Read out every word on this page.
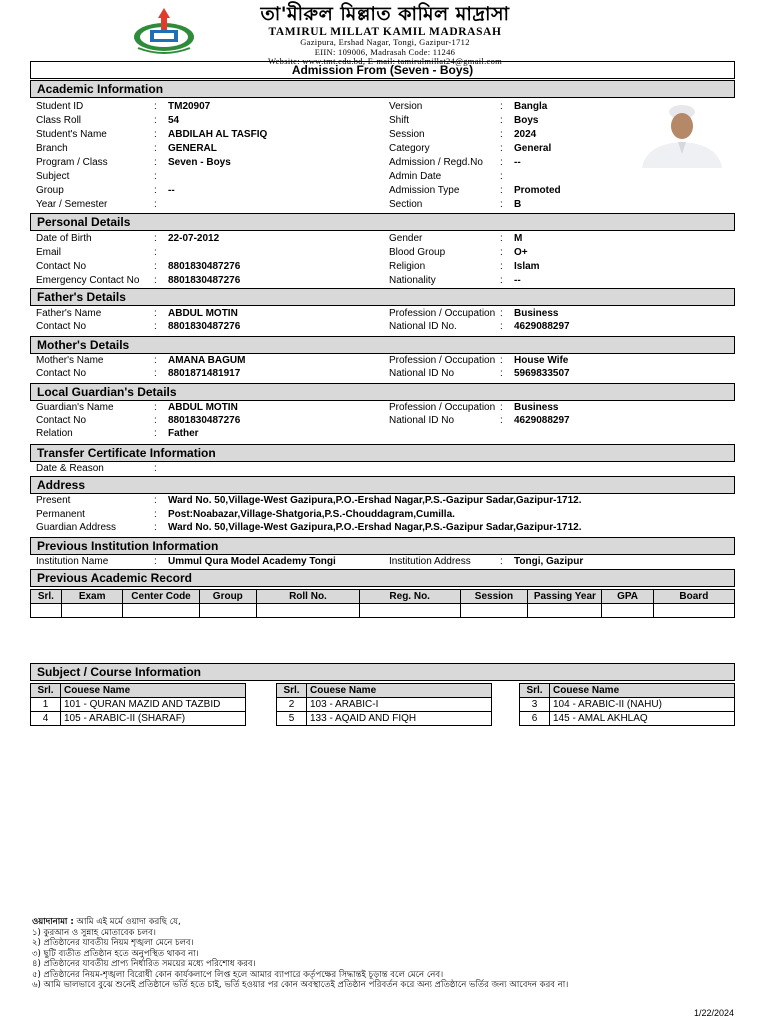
তা'মীরুল মিল্লাত কামিল মাদ্রাসা
TAMIRUL MILLAT KAMIL MADRASAH
Gazipura, Ershad Nagar, Tongi, Gazipur-1712
EIIN: 109006, Madrasah Code: 11246
Website: www.tmt.edu.bd, E-mail: tamirulmillat24@gmail.com
Admission From (Seven - Boys)
Academic Information
Student ID	: TM20907	Version	: Bangla
Class Roll	: 54	Shift	: Boys
Student's Name	: ABDILAH AL TASFIQ	Session	: 2024
Branch	: GENERAL	Category	: General
Program / Class	: Seven - Boys	Admission / Regd.No : --
Subject	:	Admin Date	:
Group	: --	Admission Type	: Promoted
Year / Semester	:	Section	: B
Personal Details
Date of Birth	: 22-07-2012	Gender	: M
Email	:	Blood Group	: O+
Contact No	: 8801830487276	Religion	: Islam
Emergency Contact No : 8801830487276	Nationality	: --
Father's Details
Father's Name	: ABDUL MOTIN	Profession / Occupation : Business
Contact No	: 8801830487276	National ID No.	: 4629088297
Mother's Details
Mother's Name	: AMANA BAGUM	Profession / Occupation : House Wife
Contact No	: 8801871481917	National ID No	: 5969833507
Local Guardian's Details
Guardian's Name	: ABDUL MOTIN	Profession / Occupation : Business
Contact No	: 8801830487276	National ID No	: 4629088297
Relation	: Father
Transfer Certificate Information
Date & Reason	:
Address
Present	: Ward No. 50,Village-West Gazipura,P.O.-Ershad Nagar,P.S.-Gazipur Sadar,Gazipur-1712.
Permanent	: Post:Noabazar,Village-Shatgoria,P.S.-Chouddagram,Cumilla.
Guardian Address	: Ward No. 50,Village-West Gazipura,P.O.-Ershad Nagar,P.S.-Gazipur Sadar,Gazipur-1712.
Previous Institution Information
Institution Name	: Ummul Qura Model Academy Tongi	Institution Address	: Tongi, Gazipur
Previous Academic Record
Srl.	Exam	Center Code	Group	Roll No.	Reg. No.	Session	Passing Year	GPA	Board

Subject / Course Information
Srl.	Couese Name
1	101 - QURAN MAZID AND TAZBID
4	105 - ARABIC-II (SHARAF)
Srl.	Couese Name
2	103 - ARABIC-I
5	133 - AQAID AND FIQH
Srl.	Couese Name
3	104 - ARABIC-II (NAHU)
6	145 - AMAL AKHLAQ
ওয়াদানামা : আমি এই মর্মে ওয়াদা করছি যে,
১) কুরআন ও সুন্নাহ মোতাবেক চলব।
২) প্রতিষ্ঠানের যাবতীয় নিয়ম শৃঙ্খলা মেনে চলব।
৩) ছুটি ব্যতীত প্রতিষ্ঠান হতে অনুপস্থিত থাকব না।
৪) প্রতিষ্ঠানের যাবতীয় প্রাপ্য নির্ধারিত সময়ের মধ্যে পরিশোধ করব।
৫) প্রতিষ্ঠানের নিয়ম-শৃঙ্খলা বিরোধী কোন কার্যকলাপে লিপ্ত হলে আমার ব্যাপারে কর্তৃপক্ষের সিদ্ধান্তই চূড়ান্ত বলে মেনে নেব।
৬) আমি ভালভাবে বুঝে শুনেই প্রতিষ্ঠানে ভর্তি হতে চাই, ভর্তি হওয়ার পর কোন অবস্থাতেই প্রতিষ্ঠান পরিবর্তন করে অন্য প্রতিষ্ঠানে ভর্তির জন্য আবেদন করব না।
1/22/2024
